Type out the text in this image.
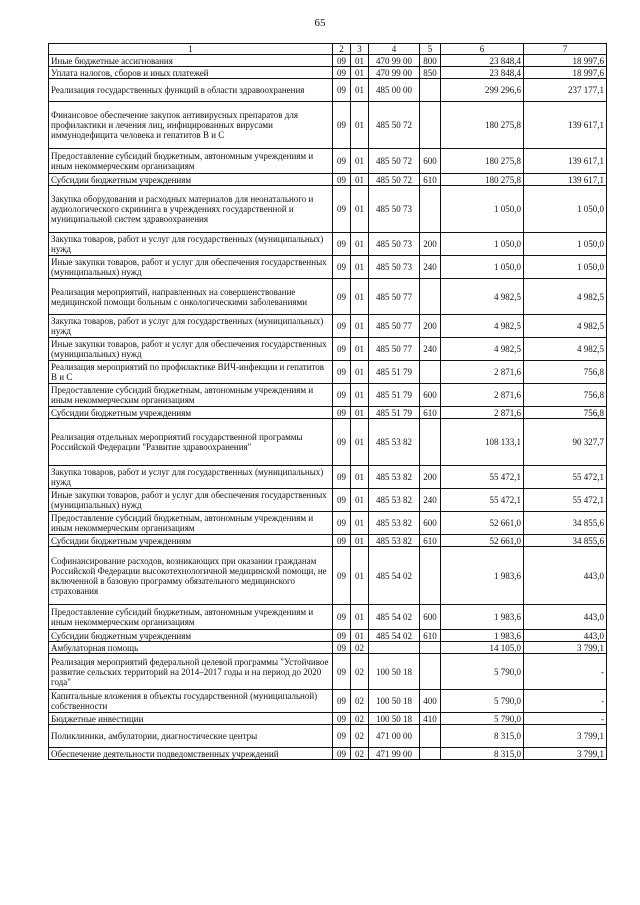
65
1	2	3	4	5	6	7
Иные бюджетные ассигнования	09	01	470 99 00	800	23 848,4	18 997,6
Уплата налогов, сборов и иных платежей	09	01	470 99 00	850	23 848,4	18 997,6
Реализация государственных функций в области здравоохранения	09	01	485 00 00		299 296,6	237 177,1
Финансовое обеспечение закупок антивирусных препаратов для профилактики и лечения лиц, инфицированных вирусами иммунодефицита человека и гепатитов В и С	09	01	485 50 72		180 275,8	139 617,1
Предоставление субсидий бюджетным, автономным учреждениям и иным некоммерческим организациям	09	01	485 50 72	600	180 275,8	139 617,1
Субсидии бюджетным учреждениям	09	01	485 50 72	610	180 275,8	139 617,1
Закупка оборудования и расходных материалов для неонатального и аудиологического скрининга в учреждениях государственной и муниципальной систем здравоохранения	09	01	485 50 73		1 050,0	1 050,0
Закупка товаров, работ и услуг для государственных (муниципальных) нужд	09	01	485 50 73	200	1 050,0	1 050,0
Иные закупки товаров, работ и услуг для обеспечения государственных (муниципальных) нужд	09	01	485 50 73	240	1 050,0	1 050,0
Реализация мероприятий, направленных на совершенствование медицинской помощи больным с онкологическими заболеваниями	09	01	485 50 77		4 982,5	4 982,5
Закупка товаров, работ и услуг для государственных (муниципальных) нужд	09	01	485 50 77	200	4 982,5	4 982,5
Иные закупки товаров, работ и услуг для обеспечения государственных (муниципальных) нужд	09	01	485 50 77	240	4 982,5	4 982,5
Реализация мероприятий по профилактике ВИЧ-инфекции и гепатитов В и С	09	01	485 51 79		2 871,6	756,8
Предоставление субсидий бюджетным, автономным учреждениям и иным некоммерческим организациям	09	01	485 51 79	600	2 871,6	756,8
Субсидии бюджетным учреждениям	09	01	485 51 79	610	2 871,6	756,8
Реализация отдельных мероприятий государственной программы Российской Федерации "Развитие здравоохранения"	09	01	485 53 82		108 133,1	90 327,7
Закупка товаров, работ и услуг для государственных (муниципальных) нужд	09	01	485 53 82	200	55 472,1	55 472,1
Иные закупки товаров, работ и услуг для обеспечения государственных (муниципальных) нужд	09	01	485 53 82	240	55 472,1	55 472,1
Предоставление субсидий бюджетным, автономным учреждениям и иным некоммерческим организациям	09	01	485 53 82	600	52 661,0	34 855,6
Субсидии бюджетным учреждениям	09	01	485 53 82	610	52 661,0	34 855,6
Софинансирование расходов, возникающих при оказании гражданам Российской Федерации высокотехнологичной медицинской помощи, не включенной в базовую программу обязательного медицинского страхования	09	01	485 54 02		1 983,6	443,0
Предоставление субсидий бюджетным, автономным учреждениям и иным некоммерческим организациям	09	01	485 54 02	600	1 983,6	443,0
Субсидии бюджетным учреждениям	09	01	485 54 02	610	1 983,6	443,0
Амбулаторная помощь	09	02			14 105,0	3 799,1
Реализация мероприятий федеральной целевой программы "Устойчивое развитие сельских территорий на 2014–2017 годы и на период до 2020 года"	09	02	100 50 18		5 790,0	-
Капитальные вложения в объекты государственной (муниципальной) собственности	09	02	100 50 18	400	5 790,0	-
Бюджетные инвестиции	09	02	100 50 18	410	5 790,0	-
Поликлиники, амбулатории, диагностические центры	09	02	471 00 00		8 315,0	3 799,1
Обеспечение деятельности подведомственных учреждений	09	02	471 99 00		8 315,0	3 799,1
